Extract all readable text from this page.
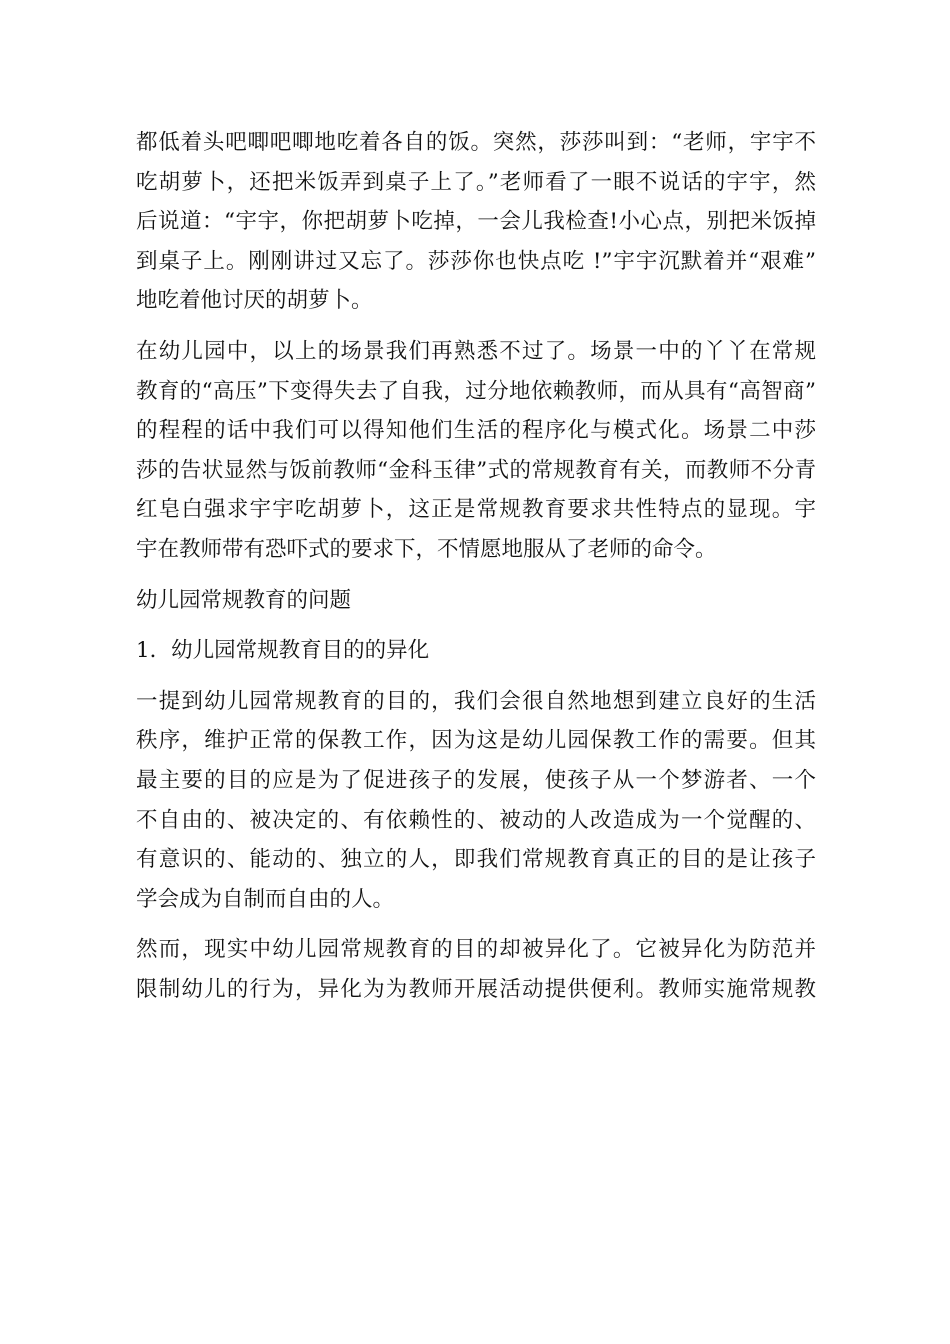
都低着头吧唧吧唧地吃着各自的饭。突然，莎莎叫到：“老师，宇宇不
吃胡萝卜，还把米饭弄到桌子上了。”老师看了一眼不说话的宇宇，然
后说道：“宇宇，你把胡萝卜吃掉，一会儿我检查!小心点，别把米饭掉
到桌子上。刚刚讲过又忘了。莎莎你也快点吃 !”宇宇沉默着并“艰难”
地吃着他讨厌的胡萝卜。
在幼儿园中，以上的场景我们再熟悉不过了。场景一中的丫丫在常规
教育的“高压”下变得失去了自我，过分地依赖教师，而从具有“高智商”
的程程的话中我们可以得知他们生活的程序化与模式化。场景二中莎
莎的告状显然与饭前教师“金科玉律”式的常规教育有关，而教师不分青
红皂白强求宇宇吃胡萝卜，这正是常规教育要求共性特点的显现。宇
宇在教师带有恐吓式的要求下，不情愿地服从了老师的命令。
幼儿园常规教育的问题
1．幼儿园常规教育目的的异化
一提到幼儿园常规教育的目的，我们会很自然地想到建立良好的生活
秩序，维护正常的保教工作，因为这是幼儿园保教工作的需要。但其
最主要的目的应是为了促进孩子的发展，使孩子从一个梦游者、一个
不自由的、被决定的、有依赖性的、被动的人改造成为一个觉醒的、
有意识的、能动的、独立的人，即我们常规教育真正的目的是让孩子
学会成为自制而自由的人。
然而，现实中幼儿园常规教育的目的却被异化了。它被异化为防范并
限制幼儿的行为，异化为为教师开展活动提供便利。教师实施常规教
